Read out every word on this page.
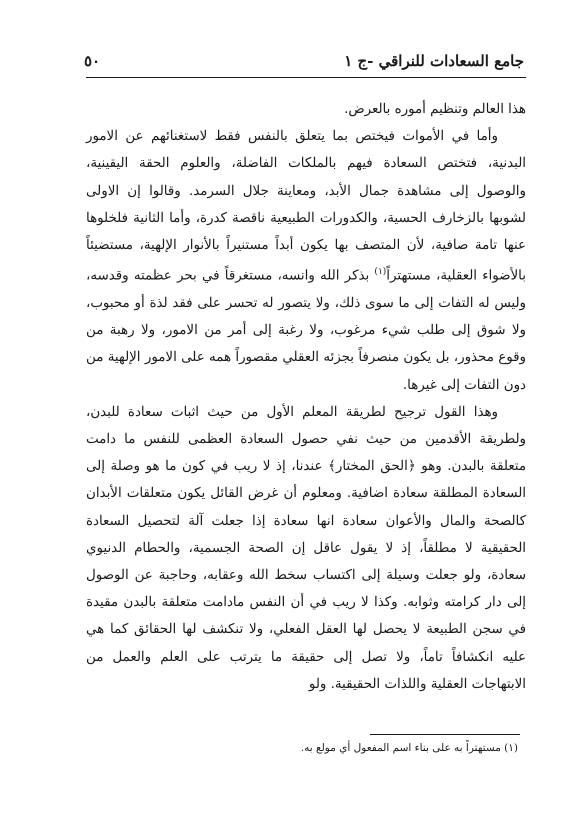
جامع السعادات للنراقي -ج ١
٥٠

هذا العالم وتنظيم أموره بالعرض.

وأما في الأموات فيختص بما يتعلق بالنفس فقط لاستغنائهم عن الامور البدنية، فتختص السعادة فيهم بالملكات الفاضلة، والعلوم الحقة اليقينية، والوصول إلى مشاهدة جمال الأبد، ومعاينة جلال السرمد. وقالوا إن الاولى لشوبها بالزخارف الحسية، والكدورات الطبيعية ناقصة كدرة، وأما الثانية فلخلوها عنها تامة صافية، لأن المتصف بها يكون أبداً مستنيراً بالأنوار الإلهية، مستضيئاً بالأضواء العقلية، مستهتراً$^{(١)}$ بذكر الله وانسه، مستغرقاً في بحر عظمته وقدسه، وليس له التفات إلى ما سوى ذلك، ولا يتصور له تحسر على فقد لذة أو محبوب، ولا شوق إلى طلب شيء مرغوب، ولا رغبة إلى أمر من الامور، ولا رهبة من وقوع محذور، بل يكون منصرفاً بجزئه العقلي مقصوراً همه على الامور الإلهية من دون التفات إلى غيرها.

وهذا القول ترجيح لطريقة المعلم الأول من حيث اثبات سعادة للبدن، ولطريقة الأقدمين من حيث نفي حصول السعادة العظمى للنفس ما دامت متعلقة بالبدن. وهو ﴿الحق المختار﴾ عندنا، إذ لا ريب في كون ما هو وصلة إلى السعادة المطلقة سعادة اضافية. ومعلوم أن غرض القائل يكون متعلقات الأبدان كالصحة والمال والأعوان سعادة انها سعادة إذا جعلت آلة لتحصيل السعادة الحقيقية لا مطلقاً، إذ لا يقول عاقل إن الصحة الجسمية، والحطام الدنيوي سعادة، ولو جعلت وسيلة إلى اكتساب سخط الله وعقابه، وحاجبة عن الوصول إلى دار كرامته وثوابه. وكذا لا ريب في أن النفس مادامت متعلقة بالبدن مقيدة في سجن الطبيعة لا يحصل لها العقل الفعلي، ولا تنكشف لها الحقائق كما هي عليه انكشافاً تاماً، ولا تصل إلى حقيقة ما يترتب على العلم والعمل من الابتهاجات العقلية واللذات الحقيقية. ولو

(١) مستهتراً به على بناء اسم المفعول أي مولع به.
